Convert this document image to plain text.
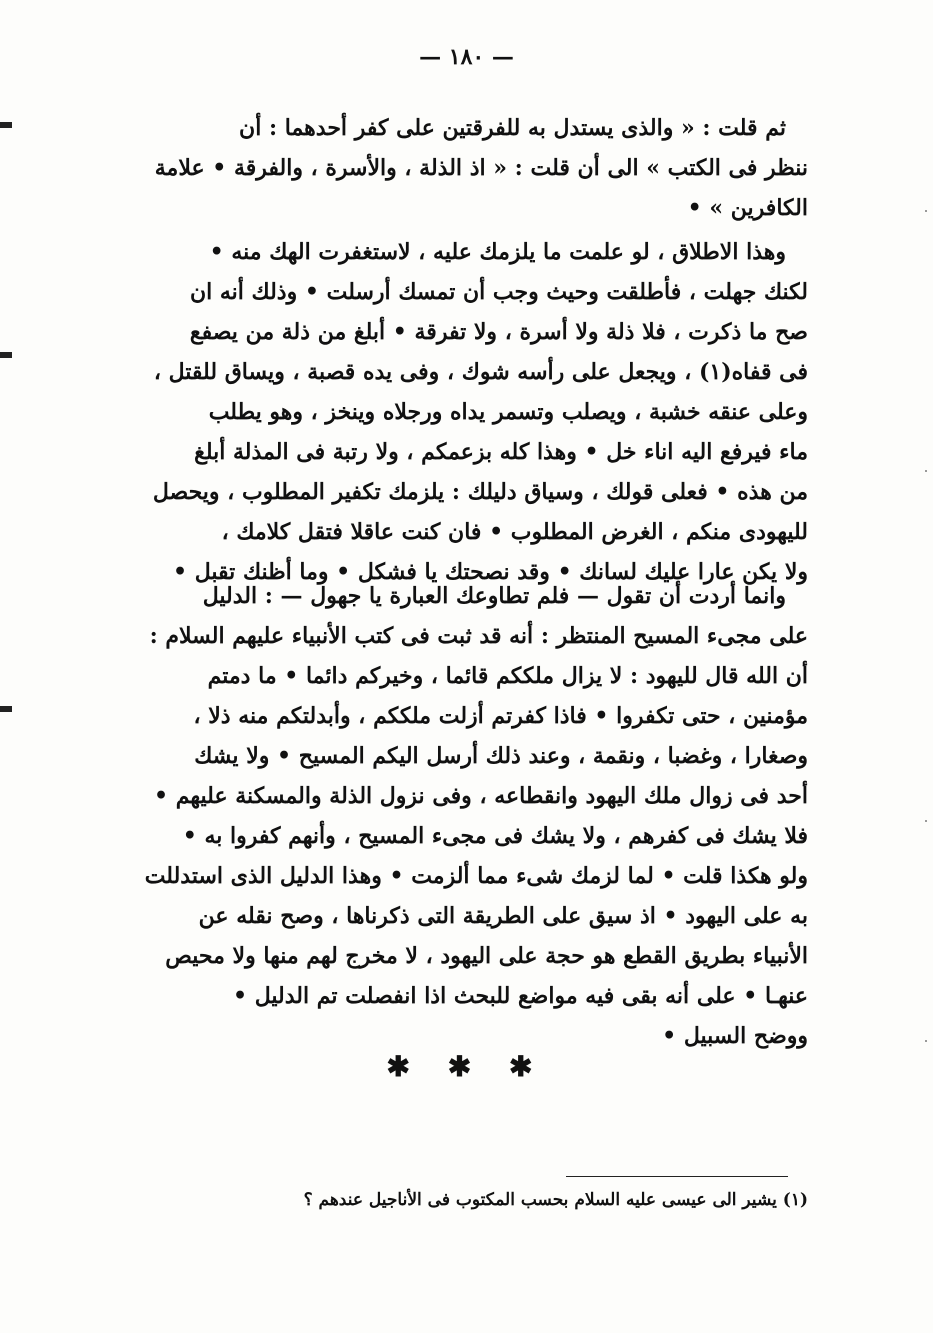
— ١٨٠ —

ثم قلت : « والذى يستدل به للفرقتين على كفر أحدهما : أن

ننظر فى الكتب » الى أن قلت : « اذ الذلة ، والأسرة ، والفرقة • علامة

الكافرين » •

وهذا الاطلاق ، لو علمت ما يلزمك عليه ، لاستغفرت الهك منه •

لكنك جهلت ، فأطلقت وحيث وجب أن تمسك أرسلت • وذلك أنه ان

صح ما ذكرت ، فلا ذلة ولا أسرة ، ولا تفرقة • أبلغ من ذلة من يصفع

فى قفاه(١) ، ويجعل على رأسه شوك ، وفى يده قصبة ، ويساق للقتل ،

وعلى عنقه خشبة ، ويصلب وتسمر يداه ورجلاه وينخز ، وهو يطلب

ماء فيرفع اليه اناء خل • وهذا كله بزعمكم ، ولا رتبة فى المذلة أبلغ

من هذه • فعلى قولك ، وسياق دليلك : يلزمك تكفير المطلوب ، ويحصل

لليهودى منكم ، الغرض المطلوب • فان كنت عاقلا فتقل كلامك ،

ولا يكن عارا عليك لسانك • وقد نصحتك يا فشكل • وما أظنك تقبل •

وانما أردت أن تقول — فلم تطاوعك العبارة يا جهول — : الدليل

على مجىء المسيح المنتظر : أنه قد ثبت فى كتب الأنبياء عليهم السلام :

أن الله قال لليهود : لا يزال ملككم قائما ، وخيركم دائما • ما دمتم

مؤمنين ، حتى تكفروا • فاذا كفرتم أزلت ملككم ، وأبدلتكم منه ذلا ،

وصغارا ، وغضبا ، ونقمة ، وعند ذلك أرسل اليكم المسيح • ولا يشك

أحد فى زوال ملك اليهود وانقطاعه ، وفى نزول الذلة والمسكنة عليهم •

فلا يشك فى كفرهم ، ولا يشك فى مجىء المسيح ، وأنهم كفروا به •

ولو هكذا قلت • لما لزمك شىء مما ألزمت • وهذا الدليل الذى استدللت

به على اليهود • اذ سيق على الطريقة التى ذكرناها ، وصح نقله عن

الأنبياء بطريق القطع هو حجة على اليهود ، لا مخرج لهم منها ولا محيص

عنهـا • على أنه بقى فيه مواضع للبحث اذا انفصلت تم الدليل •

ووضح السبيل •

✱ ✱ ✱
(١) يشير الى عيسى عليه السلام بحسب المكتوب فى الأناجيل عندهم ؟
